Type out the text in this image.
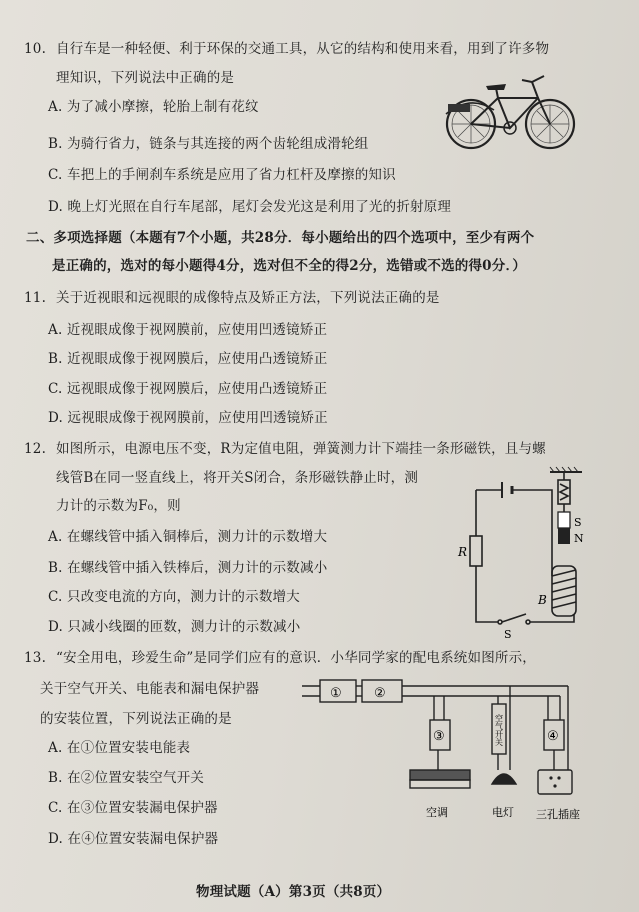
10. 自行车是一种轻便、利于环保的交通工具，从它的结构和使用来看，用到了许多物
理知识，下列说法中正确的是
A. 为了减小摩擦，轮胎上制有花纹
B. 为骑行省力，链条与其连接的两个齿轮组成滑轮组
C. 车把上的手闸刹车系统是应用了省力杠杆及摩擦的知识
D. 晚上灯光照在自行车尾部，尾灯会发光这是利用了光的折射原理
二、多项选择题（本题有7个小题，共28分．每小题给出的四个选项中，至少有两个
是正确的，选对的每小题得4分，选对但不全的得2分，选错或不选的得0分．）
11. 关于近视眼和远视眼的成像特点及矫正方法，下列说法正确的是
A. 近视眼成像于视网膜前，应使用凹透镜矫正
B. 近视眼成像于视网膜后，应使用凸透镜矫正
C. 远视眼成像于视网膜后，应使用凸透镜矫正
D. 远视眼成像于视网膜前，应使用凹透镜矫正
12. 如图所示，电源电压不变，R为定值电阻，弹簧测力计下端挂一条形磁铁，且与螺
线管B在同一竖直线上，将开关S闭合，条形磁铁静止时，测
力计的示数为F₀，则
A. 在螺线管中插入铜棒后，测力计的示数增大
B. 在螺线管中插入铁棒后，测力计的示数减小
C. 只改变电流的方向，测力计的示数增大
D. 只减小线圈的匝数，测力计的示数减小
S
N
R
B
S
13. “安全用电，珍爱生命”是同学们应有的意识．小华同学家的配电系统如图所示，
关于空气开关、电能表和漏电保护器
的安装位置，下列说法正确的是
A. 在①位置安装电能表
B. 在②位置安装空气开关
C. 在③位置安装漏电保护器
D. 在④位置安装漏电保护器
① ②
③	④
空气开关
空调	电灯 三孔插座
物理试题（A）第3页（共8页）
